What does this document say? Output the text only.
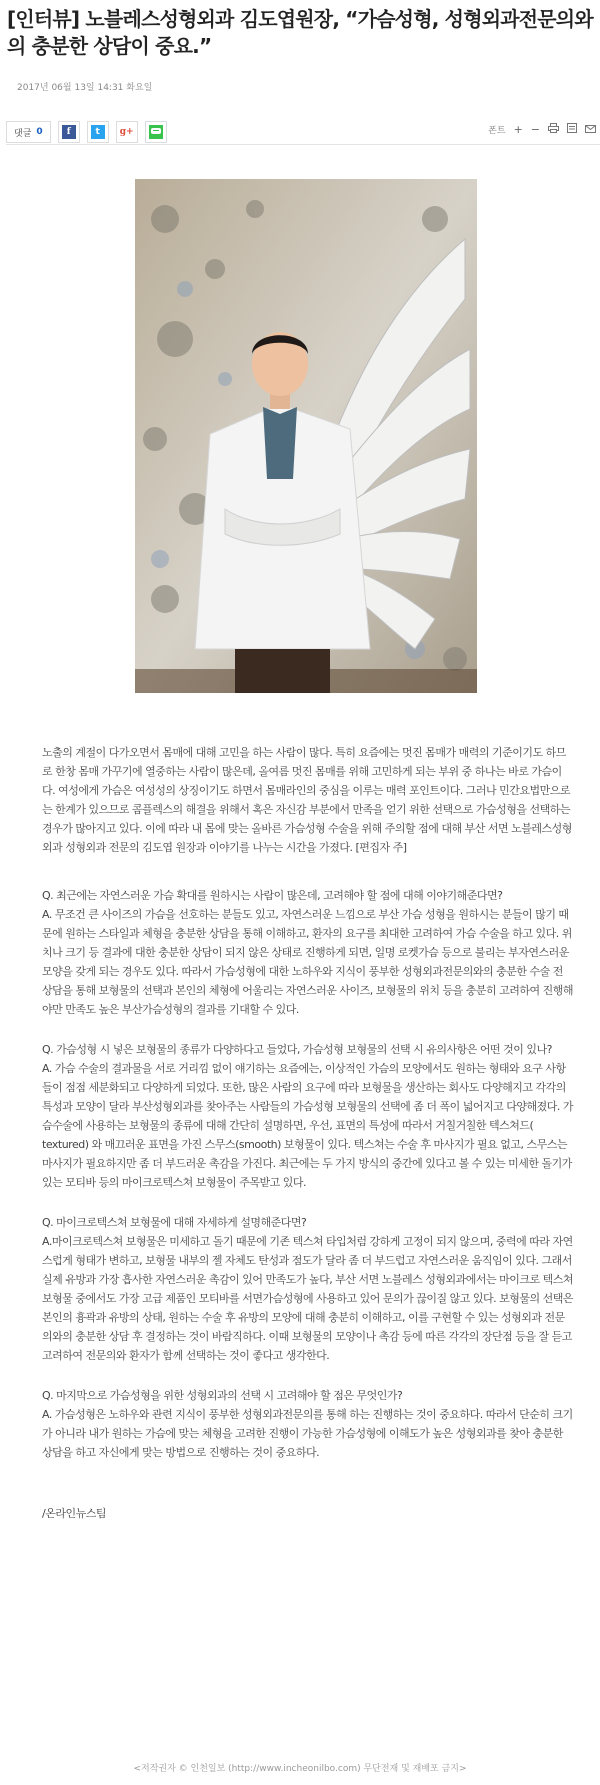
[인터뷰] 노블레스성형외과 김도엽원장, “가슴성형, 성형외과전문의와의 충분한 상담이 중요.”
2017년 06월 13일 14:31 화요일
댓글 0	f	t	g+	폰트 + −

노출의 계절이 다가오면서 몸매에 대해 고민을 하는 사람이 많다. 특히 요즘에는 멋진 몸매가 매력의 기준이기도 하므로 한창 몸매 가꾸기에 열중하는 사람이 많은데, 올여름 멋진 몸매를 위해 고민하게 되는 부위 중 하나는 바로 가슴이다. 여성에게 가슴은 여성성의 상징이기도 하면서 몸매라인의 중심을 이루는 매력 포인트이다. 그러나 민간요법만으로는 한계가 있으므로 콤플렉스의 해결을 위해서 혹은 자신감 부분에서 만족을 얻기 위한 선택으로 가슴성형을 선택하는 경우가 많아지고 있다. 이에 따라 내 몸에 맞는 올바른 가슴성형 수술을 위해 주의할 점에 대해 부산 서면 노블레스성형외과 성형외과 전문의 김도엽 원장과 이야기를 나누는 시간을 가졌다. [편집자 주]

Q. 최근에는 자연스러운 가슴 확대를 원하시는 사람이 많은데, 고려해야 할 점에 대해 이야기해준다면?

A. 무조건 큰 사이즈의 가슴을 선호하는 분들도 있고, 자연스러운 느낌으로 부산 가슴 성형을 원하시는 분들이 많기 때문에 원하는 스타일과 체형을 충분한 상담을 통해 이해하고, 환자의 요구를 최대한 고려하여 가슴 수술을 하고 있다. 위치나 크기 등 결과에 대한 충분한 상담이 되지 않은 상태로 진행하게 되면, 일명 로켓가슴 등으로 불리는 부자연스러운 모양을 갖게 되는 경우도 있다. 따라서 가슴성형에 대한 노하우와 지식이 풍부한 성형외과전문의와의 충분한 수술 전 상담을 통해 보형물의 선택과 본인의 체형에 어울리는 자연스러운 사이즈, 보형물의 위치 등을 충분히 고려하여 진행해야만 만족도 높은 부산가슴성형의 결과를 기대할 수 있다.

Q. 가슴성형 시 넣은 보형물의 종류가 다양하다고 들었다, 가슴성형 보형물의 선택 시 유의사항은 어떤 것이 있나?

A. 가슴 수술의 결과물을 서로 거리낌 없이 얘기하는 요즘에는, 이상적인 가슴의 모양에서도 원하는 형태와 요구 사항들이 점점 세분화되고 다양하게 되었다. 또한, 많은 사람의 요구에 따라 보형물을 생산하는 회사도 다양해지고 각각의 특성과 모양이 달라 부산성형외과를 찾아주는 사람들의 가슴성형 보형물의 선택에 좀 더 폭이 넓어지고 다양해졌다. 가슴수술에 사용하는 보형물의 종류에 대해 간단히 설명하면, 우선, 표면의 특성에 따라서 거칠거칠한 텍스쳐드( textured) 와 매끄러운 표면을 가진 스무스(smooth) 보형물이 있다. 텍스쳐는 수술 후 마사지가 필요 없고, 스무스는 마사지가 필요하지만 좀 더 부드러운 촉감을 가진다. 최근에는 두 가지 방식의 중간에 있다고 볼 수 있는 미세한 돌기가 있는 모티바 등의 마이크로텍스쳐 보형물이 주목받고 있다.

Q. 마이크로텍스쳐 보형물에 대해 자세하게 설명해준다면?

A.마이크로텍스쳐 보형물은 미세하고 돌기 때문에 기존 텍스쳐 타입처럼 강하게 고정이 되지 않으며, 중력에 따라 자연스럽게 형태가 변하고, 보형물 내부의 젤 자체도 탄성과 점도가 달라 좀 더 부드럽고 자연스러운 움직임이 있다. 그래서 실제 유방과 가장 흡사한 자연스러운 촉감이 있어 만족도가 높다, 부산 서면 노블레스 성형외과에서는 마이크로 텍스쳐 보형물 중에서도 가장 고급 제품인 모티바를 서면가슴성형에 사용하고 있어 문의가 끊이질 않고 있다. 보형물의 선택은 본인의 흉곽과 유방의 상태, 원하는 수술 후 유방의 모양에 대해 충분히 이해하고, 이를 구현할 수 있는 성형외과 전문의와의 충분한 상담 후 결정하는 것이 바람직하다. 이때 보형물의 모양이나 촉감 등에 따른 각각의 장단점 등을 잘 듣고 고려하여 전문의와 환자가 함께 선택하는 것이 좋다고 생각한다.

Q. 마지막으로 가슴성형을 위한 성형외과의 선택 시 고려해야 할 점은 무엇인가?

A. 가슴성형은 노하우와 관련 지식이 풍부한 성형외과전문의를 통해 하는 진행하는 것이 중요하다. 따라서 단순히 크기가 아니라 내가 원하는 가슴에 맞는 체형을 고려한 진행이 가능한 가슴성형에 이해도가 높은 성형외과를 찾아 충분한 상담을 하고 자신에게 맞는 방법으로 진행하는 것이 중요하다.

/온라인뉴스팀

<저작권자 © 인천일보 (http://www.incheonilbo.com) 무단전재 및 재배포 금지>
